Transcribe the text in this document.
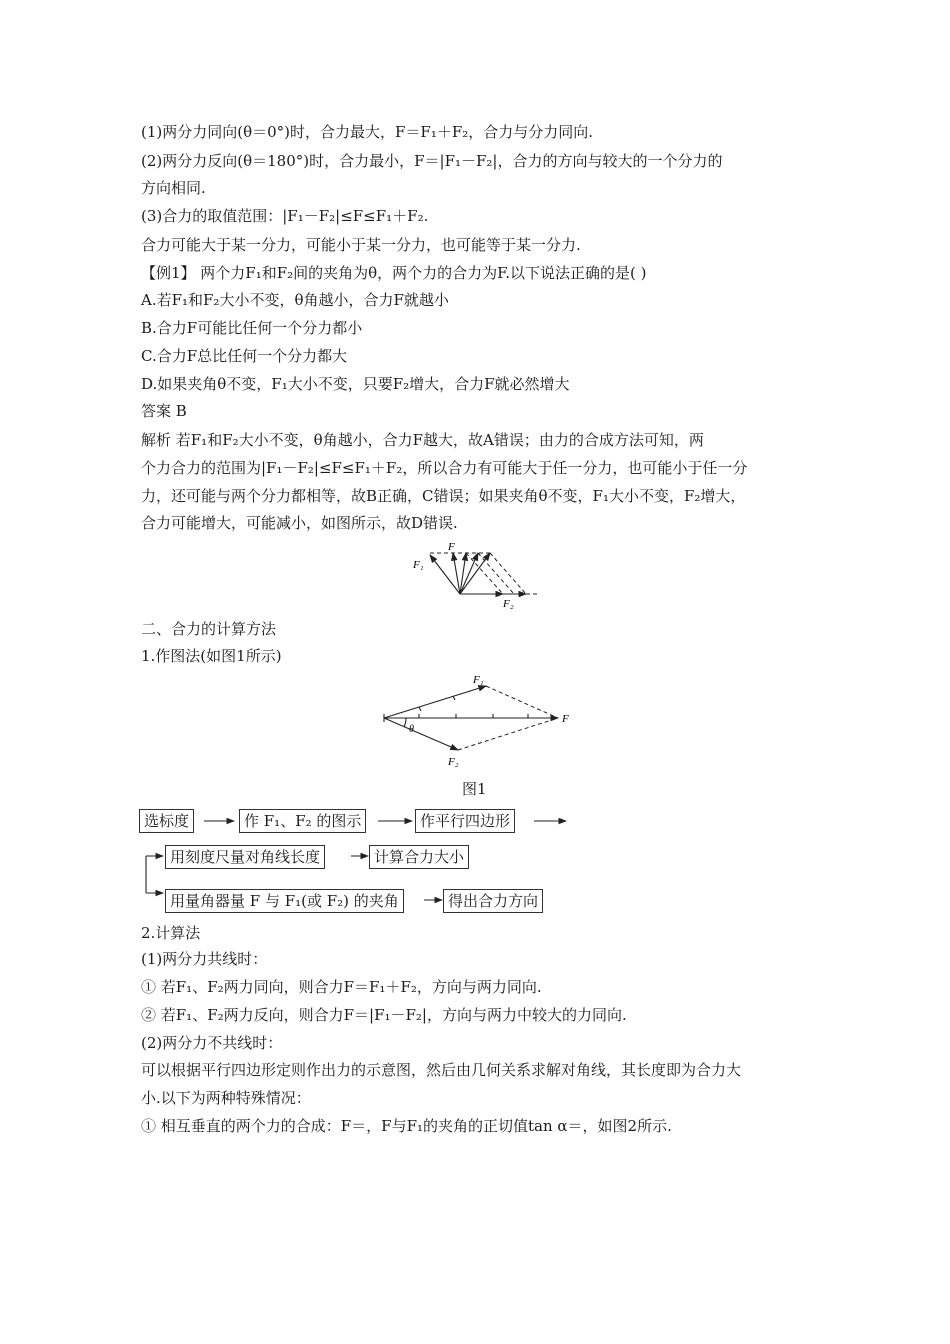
(1)两分力同向(θ＝0°)时，合力最大，F＝F₁＋F₂，合力与分力同向.
(2)两分力反向(θ＝180°)时，合力最小，F＝|F₁－F₂|，合力的方向与较大的一个分力的
方向相同.
(3)合力的取值范围：|F₁－F₂|≤F≤F₁＋F₂.
合力可能大于某一分力，可能小于某一分力，也可能等于某一分力.
【例1】 两个力F₁和F₂间的夹角为θ，两个力的合力为F.以下说法正确的是( )
A.若F₁和F₂大小不变，θ角越小，合力F就越小
B.合力F可能比任何一个分力都小
C.合力F总比任何一个分力都大
D.如果夹角θ不变，F₁大小不变，只要F₂增大，合力F就必然增大
答案 B
解析 若F₁和F₂大小不变，θ角越小，合力F越大，故A错误；由力的合成方法可知，两
个力合力的范围为|F₁－F₂|≤F≤F₁＋F₂，所以合力有可能大于任一分力，也可能小于任一分
力，还可能与两个分力都相等，故B正确，C错误；如果夹角θ不变，F₁大小不变，F₂增大，
合力可能增大，可能减小，如图所示，故D错误.
F
F₁
F₂
二、合力的计算方法
1.作图法(如图1所示)
F₁
F
θ
F₂
图1
选标度	作 F₁、F₂ 的图示	作平行四边形
用刻度尺量对角线长度	计算合力大小
用量角器量 F 与 F₁(或 F₂) 的夹角	得出合力方向
2.计算法
(1)两分力共线时：
① 若F₁、F₂两力同向，则合力F＝F₁＋F₂，方向与两力同向.
② 若F₁、F₂两力反向，则合力F＝|F₁－F₂|，方向与两力中较大的力同向.
(2)两分力不共线时：
可以根据平行四边形定则作出力的示意图，然后由几何关系求解对角线，其长度即为合力大
小.以下为两种特殊情况：
① 相互垂直的两个力的合成：F＝，F与F₁的夹角的正切值tan α＝，如图2所示.
